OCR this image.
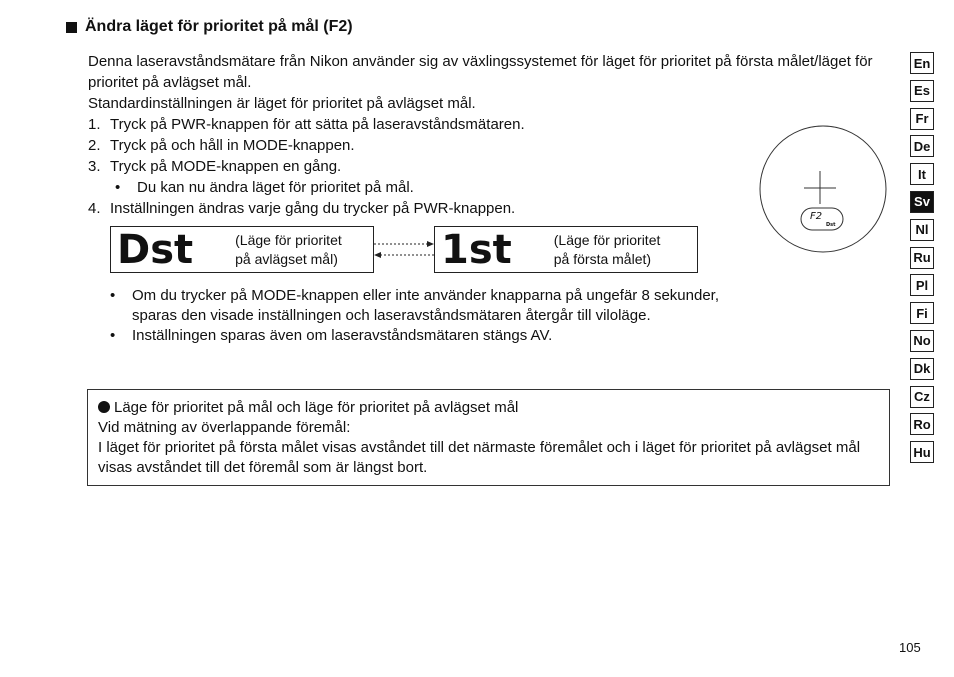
Ändra läget för prioritet på mål (F2)

Denna laseravståndsmätare från Nikon använder sig av växlingssystemet för läget för prioritet på första målet/läget för prioritet på avlägset mål.

Standardinställningen är läget för prioritet på avlägset mål.

1. Tryck på PWR-knappen för att sätta på laseravståndsmätaren.
2. Tryck på och håll in MODE-knappen.
3. Tryck på MODE-knappen en gång.
•	Du kan nu ändra läget för prioritet på mål.
4. Inställningen ändras varje gång du trycker på PWR-knappen.
Dst	(Läge för prioritet
på avlägset mål)	1st	(Läge för prioritet
på första målet)
F2
Dst
•	Om du trycker på MODE-knappen eller inte använder knapparna på ungefär 8 sekunder, sparas den visade inställningen och laseravståndsmätaren återgår till viloläge.
•	Inställningen sparas även om laseravståndsmätaren stängs AV.

Läge för prioritet på mål och läge för prioritet på avlägset mål

Vid mätning av överlappande föremål:

I läget för prioritet på första målet visas avståndet till det närmaste föremålet och i läget för prioritet på avlägset mål visas avståndet till det föremål som är längst bort.

En
Es
Fr
De
It
Sv
Nl
Ru
Pl
Fi
No
Dk
Cz
Ro
Hu
105
